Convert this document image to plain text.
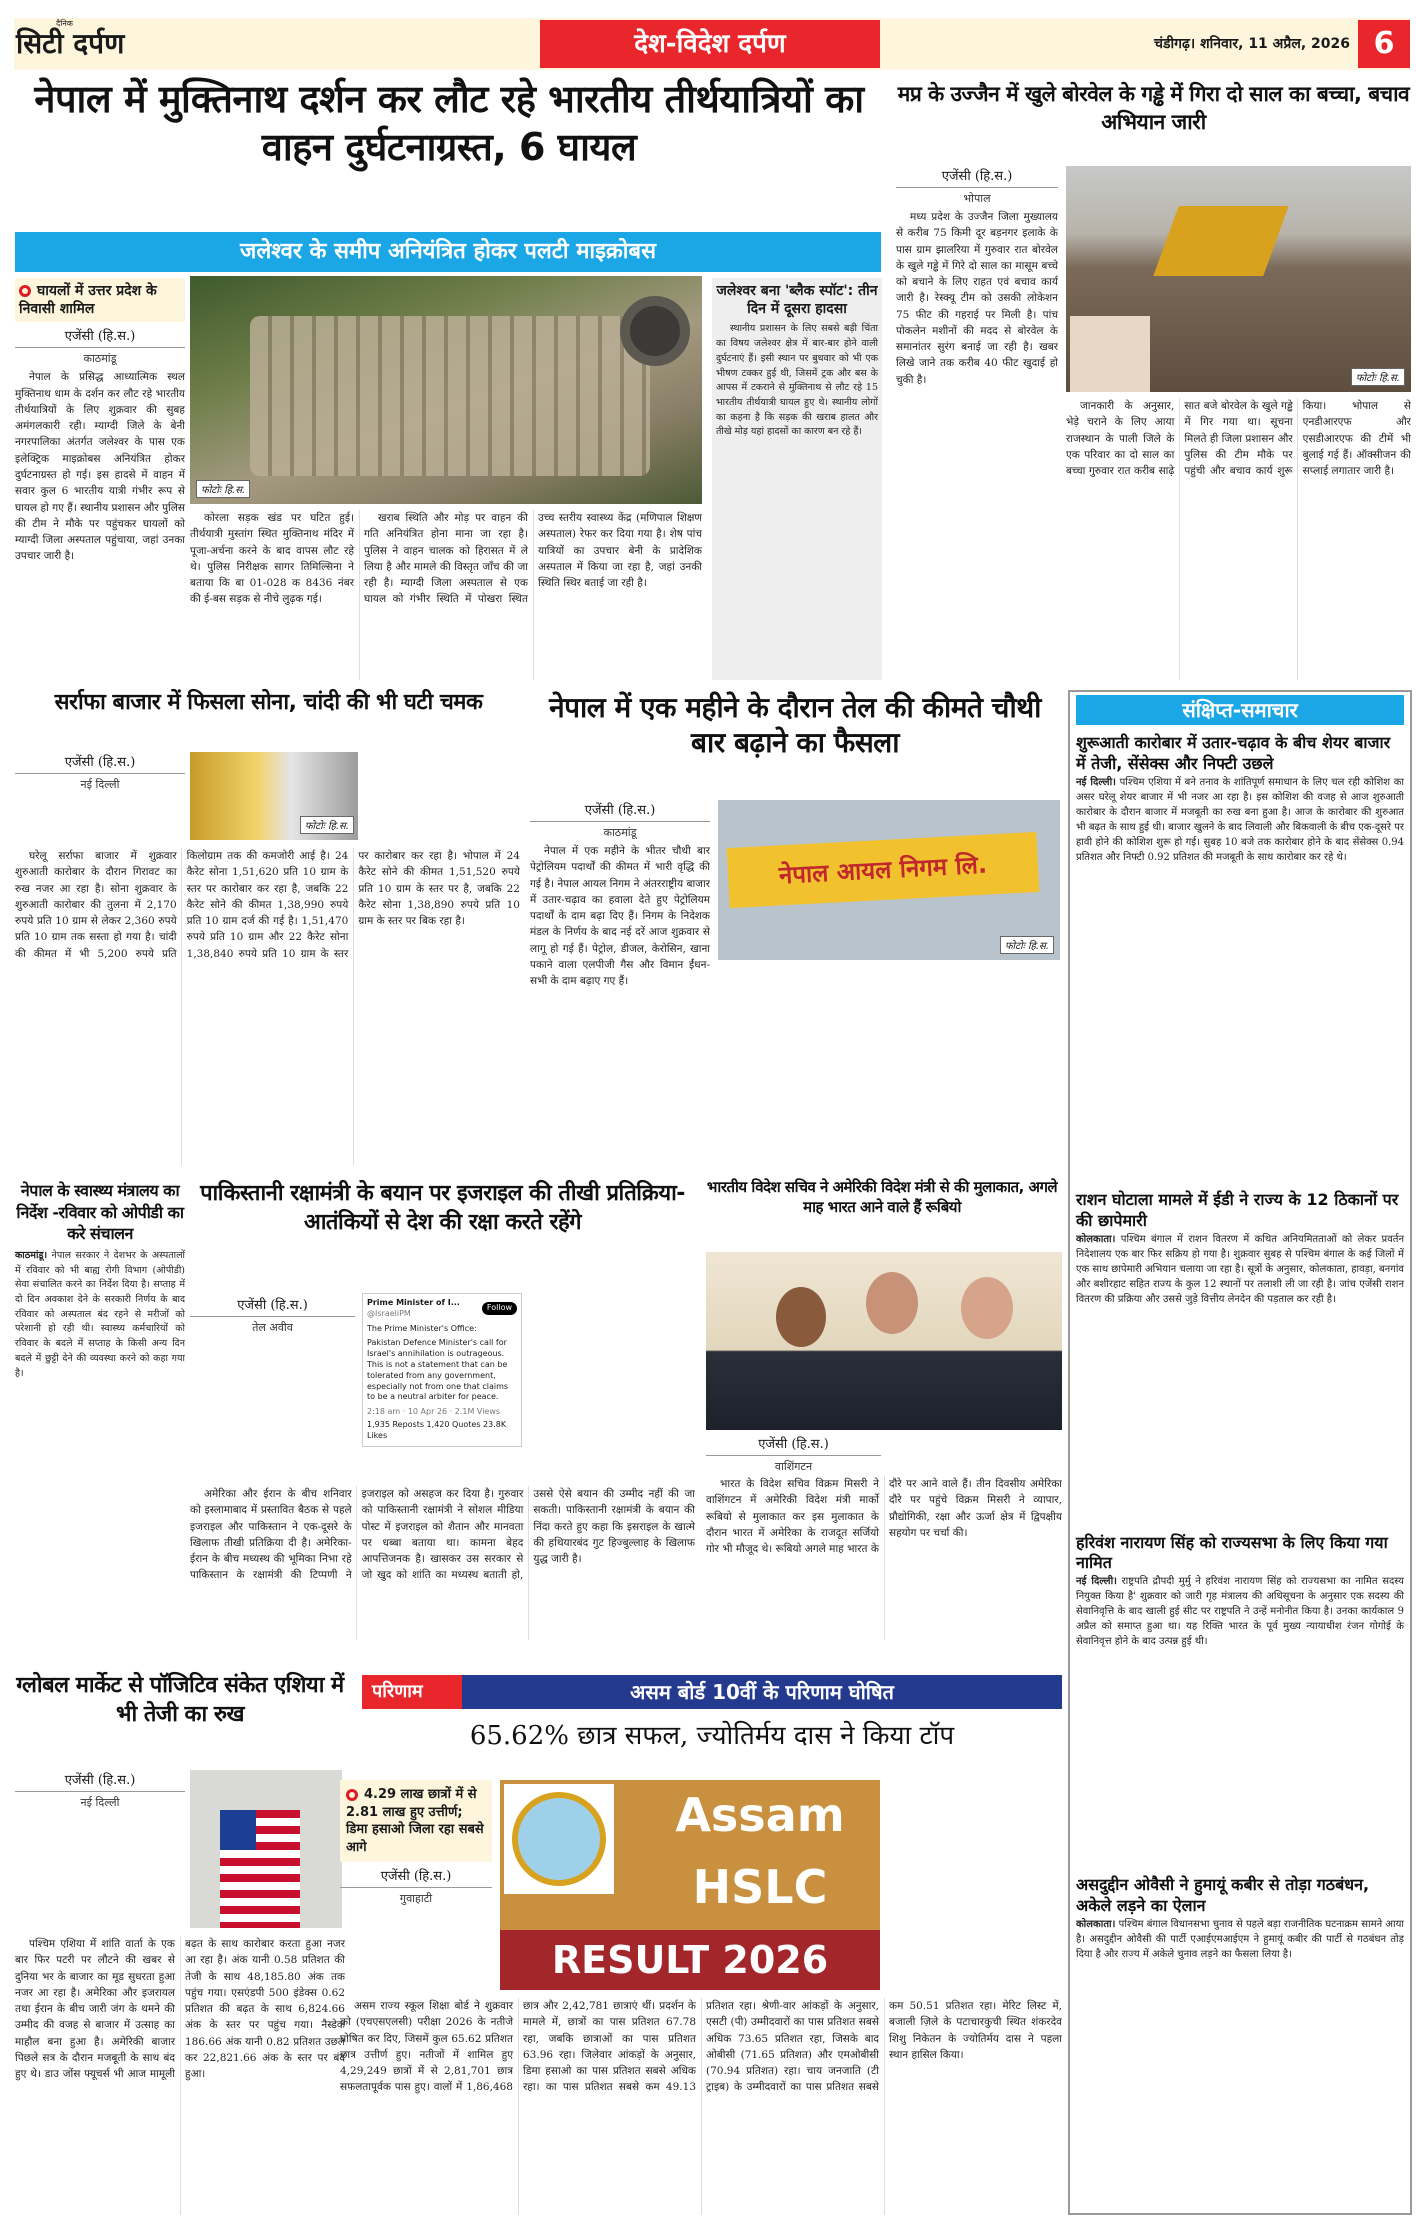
दैनिक
सिटी दर्पण	देश-विदेश दर्पण	चंडीगढ़। शनिवार, 11 अप्रैल, 2026 6
नेपाल में मुक्तिनाथ दर्शन कर लौट रहे भारतीय तीर्थयात्रियों का वाहन दुर्घटनाग्रस्त, 6 घायल
जलेश्वर के समीप अनियंत्रित होकर पलटी माइक्रोबस
घायलों में उत्तर प्रदेश के निवासी शामिल
एजेंसी (हि.स.)
काठमांडू

नेपाल के प्रसिद्ध आध्यात्मिक स्थल मुक्तिनाथ धाम के दर्शन कर लौट रहे भारतीय तीर्थयात्रियों के लिए शुक्रवार की सुबह अमंगलकारी रही। म्याग्दी जिले के बेनी नगरपालिका अंतर्गत जलेश्वर के पास एक इलेक्ट्रिक माइक्रोबस अनियंत्रित होकर दुर्घटनाग्रस्त हो गई। इस हादसे में वाहन में सवार कुल 6 भारतीय यात्री गंभीर रूप से घायल हो गए हैं। स्थानीय प्रशासन और पुलिस की टीम ने मौके पर पहुंचकर घायलों को म्याग्दी जिला अस्पताल पहुंचाया, जहां उनका उपचार जारी है।

फोटोः हि.स.

कोरला सड़क खंड पर घटित हुई। तीर्थयात्री मुस्तांग स्थित मुक्तिनाथ मंदिर में पूजा-अर्चना करने के बाद वापस लौट रहे थे। पुलिस निरीक्षक सागर तिमिल्सिना ने बताया कि बा 01-028 क 8436 नंबर की ई-बस सड़क से नीचे लुढ़क गई।

खराब स्थिति और मोड़ पर वाहन की गति अनियंत्रित होना माना जा रहा है। पुलिस ने वाहन चालक को हिरासत में ले लिया है और मामले की विस्तृत जाँच की जा रही है। म्याग्दी जिला अस्पताल से एक घायल को गंभीर स्थिति में पोखरा स्थित उच्च स्तरीय स्वास्थ्य केंद्र (मणिपाल शिक्षण अस्पताल) रेफर कर दिया गया है। शेष पांच यात्रियों का उपचार बेनी के प्रादेशिक अस्पताल में किया जा रहा है, जहां उनकी स्थिति स्थिर बताई जा रही है।

जलेश्वर बना 'ब्लैक स्पॉट': तीन दिन में दूसरा हादसा

स्थानीय प्रशासन के लिए सबसे बड़ी चिंता का विषय जलेश्वर क्षेत्र में बार-बार होने वाली दुर्घटनाएं हैं। इसी स्थान पर बुधवार को भी एक भीषण टक्कर हुई थी, जिसमें ट्रक और बस के आपस में टकराने से मुक्तिनाथ से लौट रहे 15 भारतीय तीर्थयात्री घायल हुए थे। स्थानीय लोगों का कहना है कि सड़क की खराब हालत और तीखे मोड़ यहां हादसों का कारण बन रहे हैं।

मप्र के उज्जैन में खुले बोरवेल के गड्ढे में गिरा दो साल का बच्चा, बचाव अभियान जारी
एजेंसी (हि.स.)
भोपाल

मध्य प्रदेश के उज्जैन जिला मुख्यालय से करीब 75 किमी दूर बड़नगर इलाके के पास ग्राम झालरिया में गुरुवार रात बोरवेल के खुले गड्ढे में गिरे दो साल का मासूम बच्चे को बचाने के लिए राहत एवं बचाव कार्य जारी है। रेस्क्यू टीम को उसकी लोकेशन 75 फीट की गहराई पर मिली है। पांच पोकलेन मशीनों की मदद से बोरवेल के समानांतर सुरंग बनाई जा रही है। खबर लिखे जाने तक करीब 40 फीट खुदाई हो चुकी है।	फोटोः हि.स.

जानकारी के अनुसार, भेड़े चराने के लिए आया राजस्थान के पाली जिले के एक परिवार का दो साल का बच्चा गुरुवार रात करीब साढ़े सात बजे बोरवेल के खुले गड्ढे में गिर गया था। सूचना मिलते ही जिला प्रशासन और पुलिस की टीम मौके पर पहुंची और बचाव कार्य शुरू किया। भोपाल से एनडीआरएफ और एसडीआरएफ की टीमें भी बुलाई गई हैं। ऑक्सीजन की सप्लाई लगातार जारी है।

सर्राफा बाजार में फिसला सोना, चांदी की भी घटी चमक
एजेंसी (हि.स.)
नई दिल्ली
फोटोः हि.स.

घरेलू सर्राफा बाजार में शुक्रवार शुरुआती कारोबार के दौरान गिरावट का रुख नजर आ रहा है। सोना शुक्रवार के शुरुआती कारोबार की तुलना में 2,170 रुपये प्रति 10 ग्राम से लेकर 2,360 रुपये प्रति 10 ग्राम तक सस्ता हो गया है। चांदी की कीमत में भी 5,200 रुपये प्रति किलोग्राम तक की कमजोरी आई है। 24 कैरेट सोना 1,51,620 प्रति 10 ग्राम के स्तर पर कारोबार कर रहा है, जबकि 22 कैरेट सोने की कीमत 1,38,990 रुपये प्रति 10 ग्राम दर्ज की गई है। 1,51,470 रुपये प्रति 10 ग्राम और 22 कैरेट सोना 1,38,840 रुपये प्रति 10 ग्राम के स्तर पर कारोबार कर रहा है। भोपाल में 24 कैरेट सोने की कीमत 1,51,520 रुपये प्रति 10 ग्राम के स्तर पर है, जबकि 22 कैरेट सोना 1,38,890 रुपये प्रति 10 ग्राम के स्तर पर बिक रहा है।

नेपाल में एक महीने के दौरान तेल की कीमते चौथी बार बढ़ाने का फैसला
एजेंसी (हि.स.)
काठमांडू

नेपाल में एक महीने के भीतर चौथी बार पेट्रोलियम पदार्थों की कीमत में भारी वृद्धि की गई है। नेपाल आयल निगम ने अंतरराष्ट्रीय बाजार में उतार-चढ़ाव का हवाला देते हुए पेट्रोलियम पदार्थों के दाम बढ़ा दिए हैं। निगम के निदेशक मंडल के निर्णय के बाद नई दरें आज शुक्रवार से लागू हो गई हैं। पेट्रोल, डीजल, केरोसिन, खाना पकाने वाला एलपीजी गैस और विमान ईंधन-सभी के दाम बढ़ाए गए हैं।

नेपाल आयल निगम लि.
फोटोः हि.स.
संक्षिप्त-समाचार
शुरूआती कारोबार में उतार-चढ़ाव के बीच शेयर बाजार में तेजी, सेंसेक्स और निफ्टी उछले
नई दिल्ली। पश्चिम एशिया में बने तनाव के शांतिपूर्ण समाधान के लिए चल रही कोशिश का असर घरेलू शेयर बाजार में भी नजर आ रहा है। इस कोशिश की वजह से आज शुरुआती कारोबार के दौरान बाजार में मजबूती का रुख बना हुआ है। आज के कारोबार की शुरुआत भी बढ़त के साथ हुई थी। बाजार खुलने के बाद लिवाली और बिकवाली के बीच एक-दूसरे पर हावी होने की कोशिश शुरू हो गई। सुबह 10 बजे तक कारोबार होने के बाद सेंसेक्स 0.94 प्रतिशत और निफ्टी 0.92 प्रतिशत की मजबूती के साथ कारोबार कर रहे थे।
राशन घोटाला मामले में ईडी ने राज्य के 12 ठिकानों पर की छापेमारी
कोलकाता। पश्चिम बंगाल में राशन वितरण में कथित अनियमितताओं को लेकर प्रवर्तन निदेशालय एक बार फिर सक्रिय हो गया है। शुक्रवार सुबह से पश्चिम बंगाल के कई जिलों में एक साथ छापेमारी अभियान चलाया जा रहा है। सूत्रों के अनुसार, कोलकाता, हावड़ा, बनगांव और बशीरहाट सहित राज्य के कुल 12 स्थानों पर तलाशी ली जा रही है। जांच एजेंसी राशन वितरण की प्रक्रिया और उससे जुड़े वित्तीय लेनदेन की पड़ताल कर रही है।
हरिवंश नारायण सिंह को राज्यसभा के लिए किया गया नामित
नई दिल्ली। राष्ट्रपति द्रौपदी मुर्मु ने हरिवंश नारायण सिंह को राज्यसभा का नामित सदस्य नियुक्त किया है' शुक्रवार को जारी गृह मंत्रालय की अधिसूचना के अनुसार एक सदस्य की सेवानिवृत्ति के बाद खाली हुई सीट पर राष्ट्रपति ने उन्हें मनोनीत किया है। उनका कार्यकाल 9 अप्रैल को समाप्त हुआ था। यह रिक्ति भारत के पूर्व मुख्य न्यायाधीश रंजन गोगोई के सेवानिवृत्त होने के बाद उत्पन्न हुई थी।
असदुद्दीन ओवैसी ने हुमायूं कबीर से तोड़ा गठबंधन, अकेले लड़ने का ऐलान
कोलकाता। पश्चिम बंगाल विधानसभा चुनाव से पहले बड़ा राजनीतिक घटनाक्रम सामने आया है। असदुद्दीन ओवैसी की पार्टी एआईएमआईएम ने हुमायूं कबीर की पार्टी से गठबंधन तोड़ दिया है और राज्य में अकेले चुनाव लड़ने का फैसला लिया है।
नेपाल के स्वास्थ्य मंत्रालय का निर्देश -रविवार को ओपीडी का करे संचालन
काठमांडू। नेपाल सरकार ने देशभर के अस्पतालों में रविवार को भी बाह्य रोगी विभाग (ओपीडी) सेवा संचालित करने का निर्देश दिया है। सप्ताह में दो दिन अवकाश देने के सरकारी निर्णय के बाद रविवार को अस्पताल बंद रहने से मरीजों को परेशानी हो रही थी। स्वास्थ्य कर्मचारियों को रविवार के बदले में सप्ताह के किसी अन्य दिन बदले में छुट्टी देने की व्यवस्था करने को कहा गया है।
पाकिस्तानी रक्षामंत्री के बयान पर इजराइल की तीखी प्रतिक्रिया- आतंकियों से देश की रक्षा करते रहेंगे
एजेंसी (हि.स.)
तेल अवीव
Prime Minister of I...
@IsraeliPM
Follow
The Prime Minister's Office:
Pakistan Defence Minister's call for Israel's annihilation is outrageous. This is not a statement that can be tolerated from any government, especially not from one that claims to be a neutral arbiter for peace.
2:18 am · 10 Apr 26 · 2.1M Views
1,935 Reposts 1,420 Quotes 23.8K Likes

अमेरिका और ईरान के बीच शनिवार को इस्लामाबाद में प्रस्तावित बैठक से पहले इजराइल और पाकिस्तान ने एक-दूसरे के खिलाफ तीखी प्रतिक्रिया दी है। अमेरिका-ईरान के बीच मध्यस्थ की भूमिका निभा रहे पाकिस्तान के रक्षामंत्री की टिप्पणी ने इजराइल को असहज कर दिया है। गुरुवार को पाकिस्तानी रक्षामंत्री ने सोशल मीडिया पोस्ट में इजराइल को शैतान और मानवता पर धब्बा बताया था। कामना बेहद आपत्तिजनक है। खासकर उस सरकार से जो खुद को शांति का मध्यस्थ बताती हो, उससे ऐसे बयान की उम्मीद नहीं की जा सकती। पाकिस्तानी रक्षामंत्री के बयान की निंदा करते हुए कहा कि इसराइल के खात्मे की हथियारबंद गुट हिज्बुल्लाह के खिलाफ युद्ध जारी है।

भारतीय विदेश सचिव ने अमेरिकी विदेश मंत्री से की मुलाकात, अगले माह भारत आने वाले हैं रूबियो
एजेंसी (हि.स.)
वाशिंगटन

भारत के विदेश सचिव विक्रम मिसरी ने वाशिंगटन में अमेरिकी विदेश मंत्री मार्को रूबियो से मुलाकात कर इस मुलाकात के दौरान भारत में अमेरिका के राजदूत सर्जियो गोर भी मौजूद थे। रूबियो अगले माह भारत के दौरे पर आने वाले हैं। तीन दिवसीय अमेरिका दौरे पर पहुंचे विक्रम मिसरी ने व्यापार, प्रौद्योगिकी, रक्षा और ऊर्जा क्षेत्र में द्विपक्षीय सहयोग पर चर्चा की।

ग्लोबल मार्केट से पॉजिटिव संकेत एशिया में भी तेजी का रुख
एजेंसी (हि.स.)
नई दिल्ली

पश्चिम एशिया में शांति वार्ता के एक बार फिर पटरी पर लौटने की खबर से दुनिया भर के बाजार का मूड सुधरता हुआ नजर आ रहा है। अमेरिका और इजरायल तथा ईरान के बीच जारी जंग के थमने की उम्मीद की वजह से बाजार में उत्साह का माहौल बना हुआ है। अमेरिकी बाजार पिछले सत्र के दौरान मजबूती के साथ बंद हुए थे। डाउ जोंस फ्यूचर्स भी आज मामूली बढ़त के साथ कारोबार करता हुआ नजर आ रहा है। अंक यानी 0.58 प्रतिशत की तेजी के साथ 48,185.80 अंक तक पहुंच गया। एसएंडपी 500 इंडेक्स 0.62 प्रतिशत की बढ़त के साथ 6,824.66 अंक के स्तर पर पहुंच गया। नैस्डेक 186.66 अंक यानी 0.82 प्रतिशत उछल कर 22,821.66 अंक के स्तर पर बंद हुआ।

परिणाम	असम बोर्ड 10वीं के परिणाम घोषित
65.62% छात्र सफल, ज्योतिर्मय दास ने किया टॉप
4.29 लाख छात्रों में से 2.81 लाख हुए उत्तीर्ण; डिमा हसाओ जिला रहा सबसे आगे
एजेंसी (हि.स.)
गुवाहाटी
Assam
HSLC
RESULT 2026

असम राज्य स्कूल शिक्षा बोर्ड ने शुक्रवार को (एचएसएलसी) परीक्षा 2026 के नतीजे घोषित कर दिए, जिसमें कुल 65.62 प्रतिशत छात्र उत्तीर्ण हुए। नतीजों में शामिल हुए 4,29,249 छात्रों में से 2,81,701 छात्र सफलतापूर्वक पास हुए। वालों में 1,86,468 छात्र और 2,42,781 छात्राएं थीं। प्रदर्शन के मामले में, छात्रों का पास प्रतिशत 67.78 रहा, जबकि छात्राओं का पास प्रतिशत 63.96 रहा। जिलेवार आंकड़ों के अनुसार, डिमा हसाओ का पास प्रतिशत सबसे अधिक रहा। का पास प्रतिशत सबसे कम 49.13 प्रतिशत रहा। श्रेणी-वार आंकड़ों के अनुसार, एसटी (पी) उम्मीदवारों का पास प्रतिशत सबसे अधिक 73.65 प्रतिशत रहा, जिसके बाद ओबीसी (71.65 प्रतिशत) और एमओबीसी (70.94 प्रतिशत) रहा। चाय जनजाति (टी ट्राइब) के उम्मीदवारों का पास प्रतिशत सबसे कम 50.51 प्रतिशत रहा। मेरिट लिस्ट में, बजाली ज़िले के पटाचारकुची स्थित शंकरदेव शिशु निकेतन के ज्योतिर्मय दास ने पहला स्थान हासिल किया।
